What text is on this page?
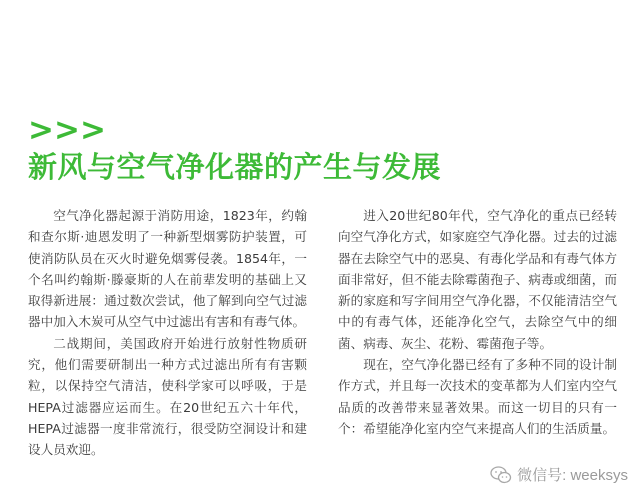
>>>
新风与空气净化器的产生与发展

空气净化器起源于消防用途，1823年，约翰和查尔斯·迪恩发明了一种新型烟雾防护装置，可使消防队员在灭火时避免烟雾侵袭。1854年，一个名叫约翰斯·滕豪斯的人在前辈发明的基础上又取得新进展：通过数次尝试，他了解到向空气过滤器中加入木炭可从空气中过滤出有害和有毒气体。

二战期间，美国政府开始进行放射性物质研究，他们需要研制出一种方式过滤出所有有害颗粒，以保持空气清洁，使科学家可以呼吸，于是HEPA过滤器应运而生。在20世纪五六十年代，HEPA过滤器一度非常流行，很受防空洞设计和建设人员欢迎。

进入20世纪80年代，空气净化的重点已经转向空气净化方式，如家庭空气净化器。过去的过滤器在去除空气中的恶臭、有毒化学品和有毒气体方面非常好，但不能去除霉菌孢子、病毒或细菌，而新的家庭和写字间用空气净化器，不仅能清洁空气中的有毒气体，还能净化空气，去除空气中的细菌、病毒、灰尘、花粉、霉菌孢子等。

现在，空气净化器已经有了多种不同的设计制作方式，并且每一次技术的变革都为人们室内空气品质的改善带来显著效果。而这一切目的只有一个：希望能净化室内空气来提高人们的生活质量。

微信号: weeksys
